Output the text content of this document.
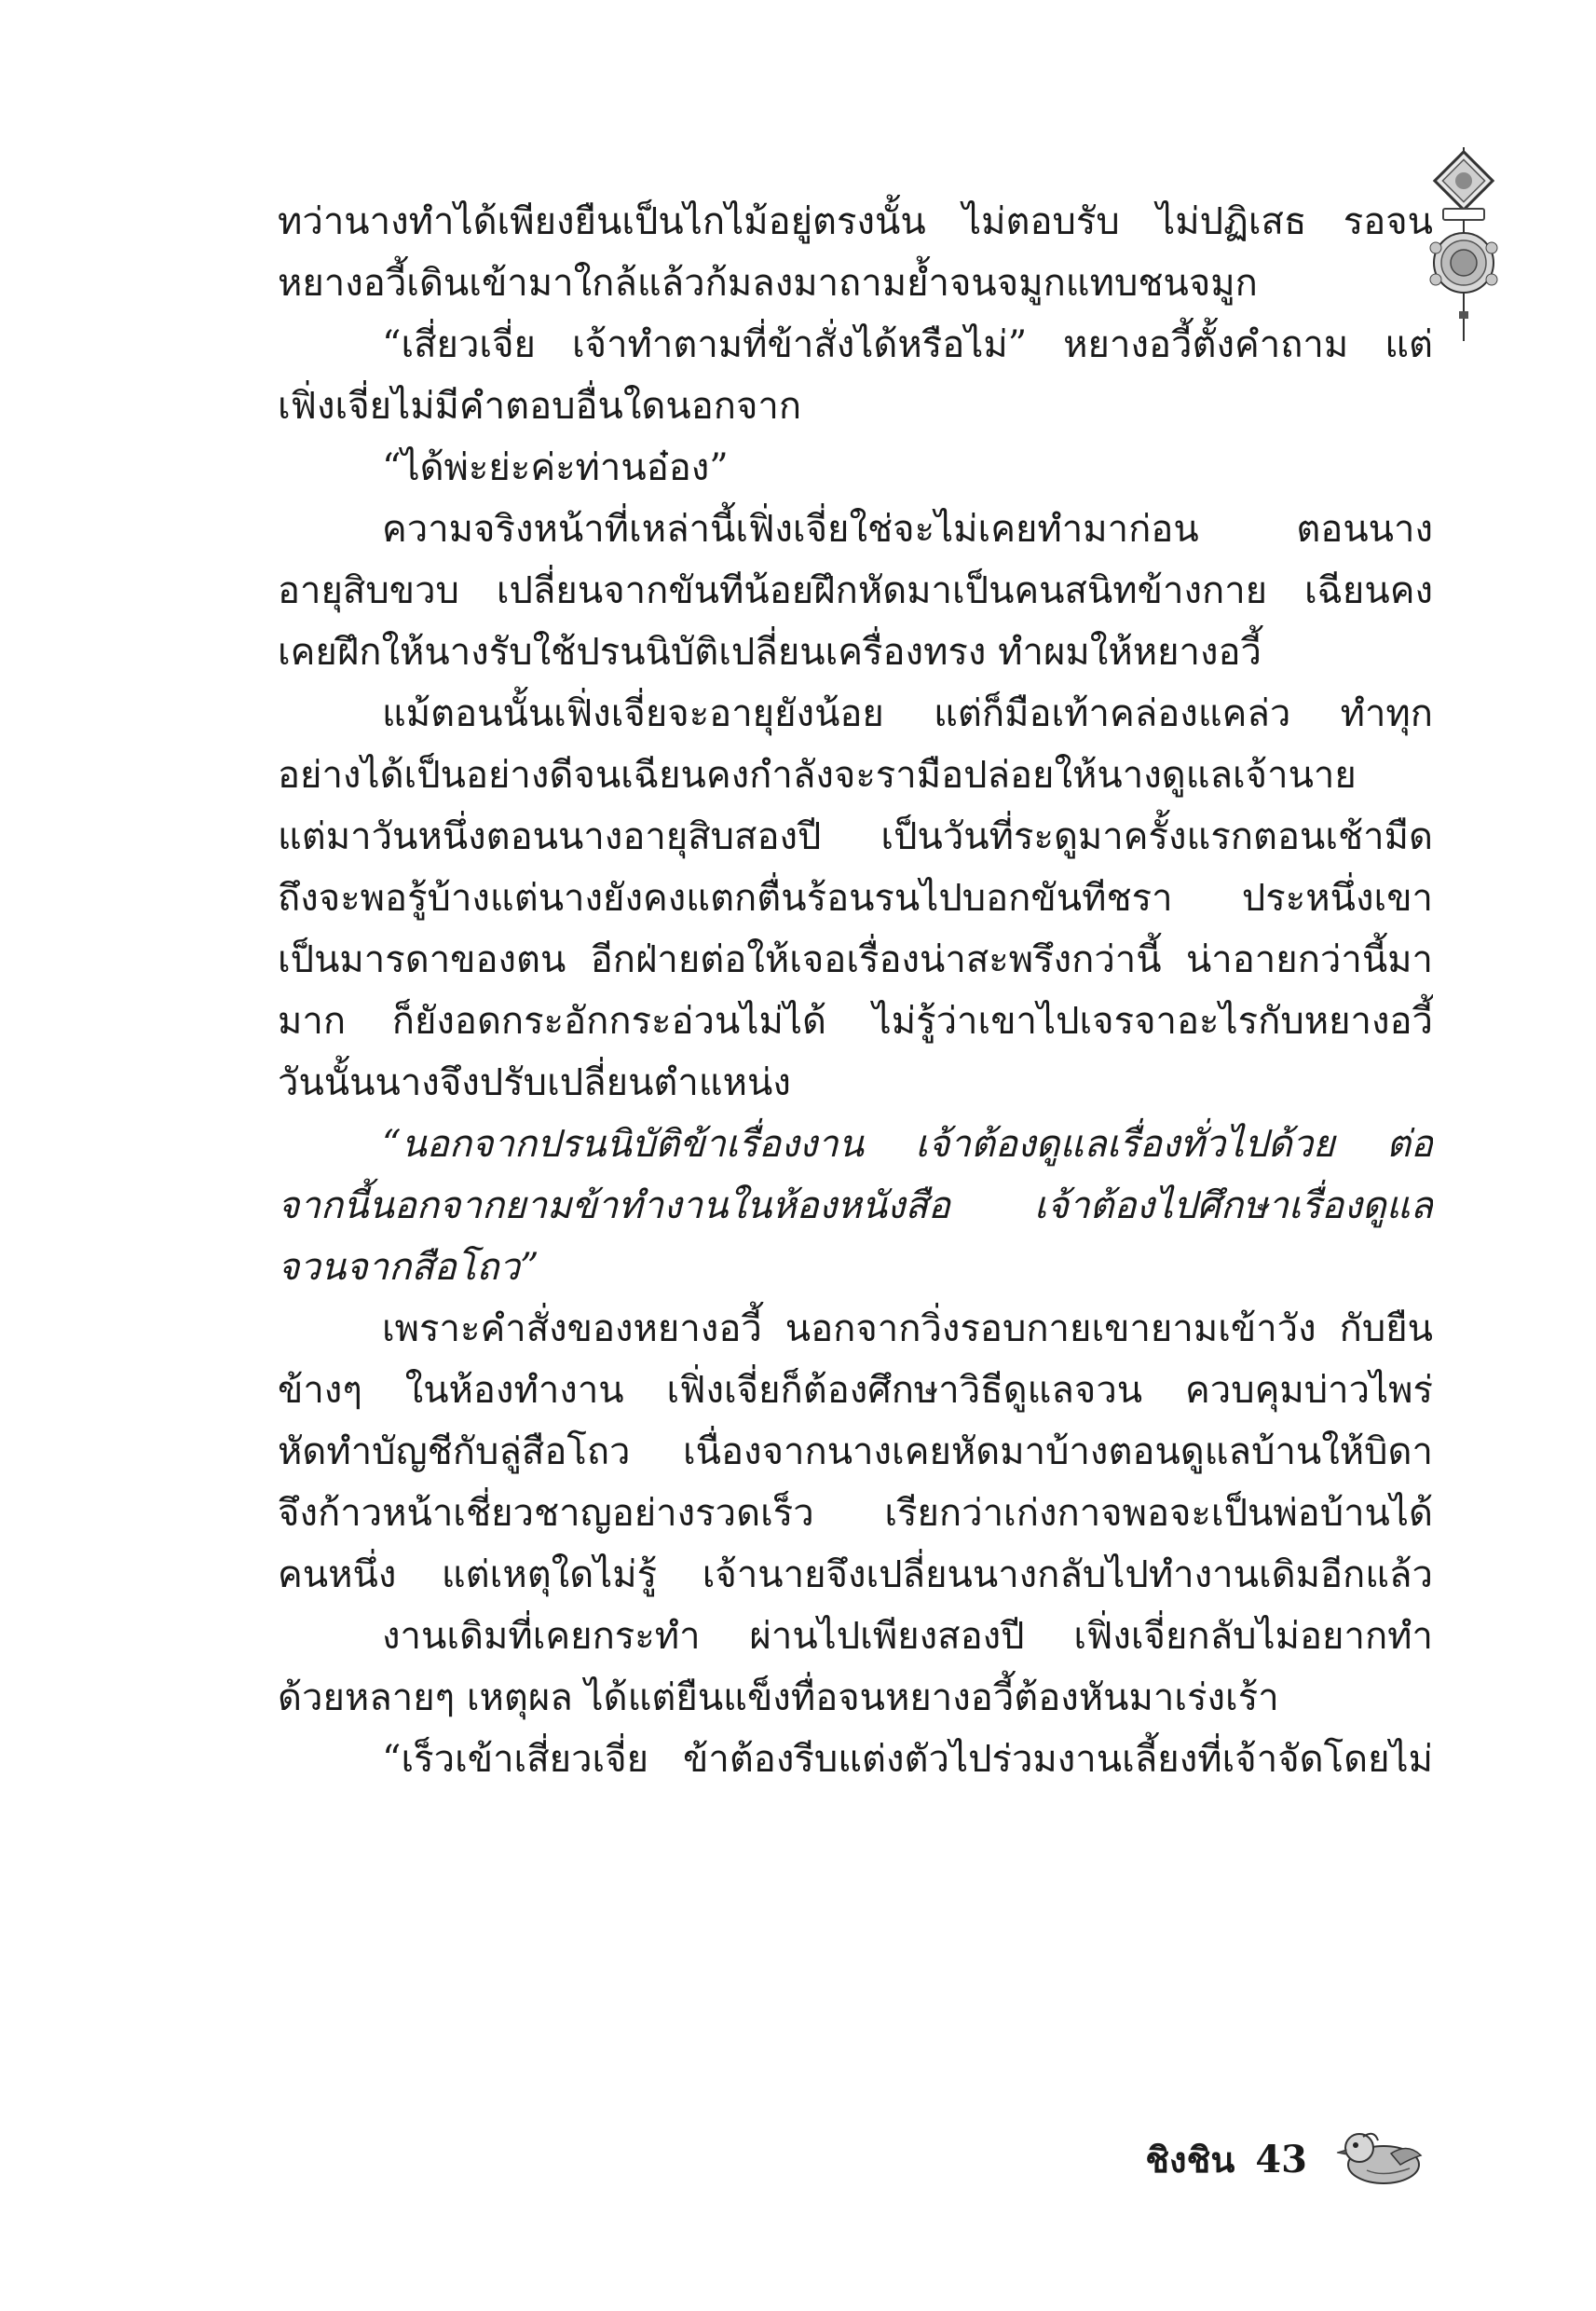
ทว่านางทำได้เพียงยืนเป็นไกไม้อยู่ตรงนั้น ไม่ตอบรับ ไม่ปฏิเสธ รอจน
หยางอวี้เดินเข้ามาใกล้แล้วก้มลงมาถามย้ำจนจมูกแทบชนจมูก
“เสี่ยวเจี่ย เจ้าทำตามที่ข้าสั่งได้หรือไม่” หยางอวี้ตั้งคำถาม แต่
เฟิ่งเจี่ยไม่มีคำตอบอื่นใดนอกจาก
“ได้พ่ะย่ะค่ะท่านอ๋อง”
ความจริงหน้าที่เหล่านี้เฟิ่งเจี่ยใช่จะไม่เคยทำมาก่อน ตอนนาง
อายุสิบขวบ เปลี่ยนจากขันทีน้อยฝึกหัดมาเป็นคนสนิทข้างกาย เฉียนคง
เคยฝึกให้นางรับใช้ปรนนิบัติเปลี่ยนเครื่องทรง ทำผมให้หยางอวี้
แม้ตอนนั้นเฟิ่งเจี่ยจะอายุยังน้อย แต่ก็มือเท้าคล่องแคล่ว ทำทุก
อย่างได้เป็นอย่างดีจนเฉียนคงกำลังจะรามือปล่อยให้นางดูแลเจ้านาย
แต่มาวันหนึ่งตอนนางอายุสิบสองปี เป็นวันที่ระดูมาครั้งแรกตอนเช้ามืด
ถึงจะพอรู้บ้างแต่นางยังคงแตกตื่นร้อนรนไปบอกขันทีชรา ประหนึ่งเขา
เป็นมารดาของตน อีกฝ่ายต่อให้เจอเรื่องน่าสะพรึงกว่านี้ น่าอายกว่านี้มา
มาก ก็ยังอดกระอักกระอ่วนไม่ได้ ไม่รู้ว่าเขาไปเจรจาอะไรกับหยางอวี้
วันนั้นนางจึงปรับเปลี่ยนตำแหน่ง
“นอกจากปรนนิบัติข้าเรื่องงาน เจ้าต้องดูแลเรื่องทั่วไปด้วย ต่อ
จากนี้นอกจากยามข้าทำงานในห้องหนังสือ เจ้าต้องไปศึกษาเรื่องดูแล
จวนจากสือโถว”
เพราะคำสั่งของหยางอวี้ นอกจากวิ่งรอบกายเขายามเข้าวัง กับยืน
ข้างๆ ในห้องทำงาน เฟิ่งเจี่ยก็ต้องศึกษาวิธีดูแลจวน ควบคุมบ่าวไพร่
หัดทำบัญชีกับลู่สือโถว เนื่องจากนางเคยหัดมาบ้างตอนดูแลบ้านให้บิดา
จึงก้าวหน้าเชี่ยวชาญอย่างรวดเร็ว เรียกว่าเก่งกาจพอจะเป็นพ่อบ้านได้
คนหนึ่ง แต่เหตุใดไม่รู้ เจ้านายจึงเปลี่ยนนางกลับไปทำงานเดิมอีกแล้ว
งานเดิมที่เคยกระทำ ผ่านไปเพียงสองปี เฟิ่งเจี่ยกลับไม่อยากทำ
ด้วยหลายๆ เหตุผล ได้แต่ยืนแข็งทื่อจนหยางอวี้ต้องหันมาเร่งเร้า
“เร็วเข้าเสี่ยวเจี่ย ข้าต้องรีบแต่งตัวไปร่วมงานเลี้ยงที่เจ้าจัดโดยไม่
ชิงชิน 43
